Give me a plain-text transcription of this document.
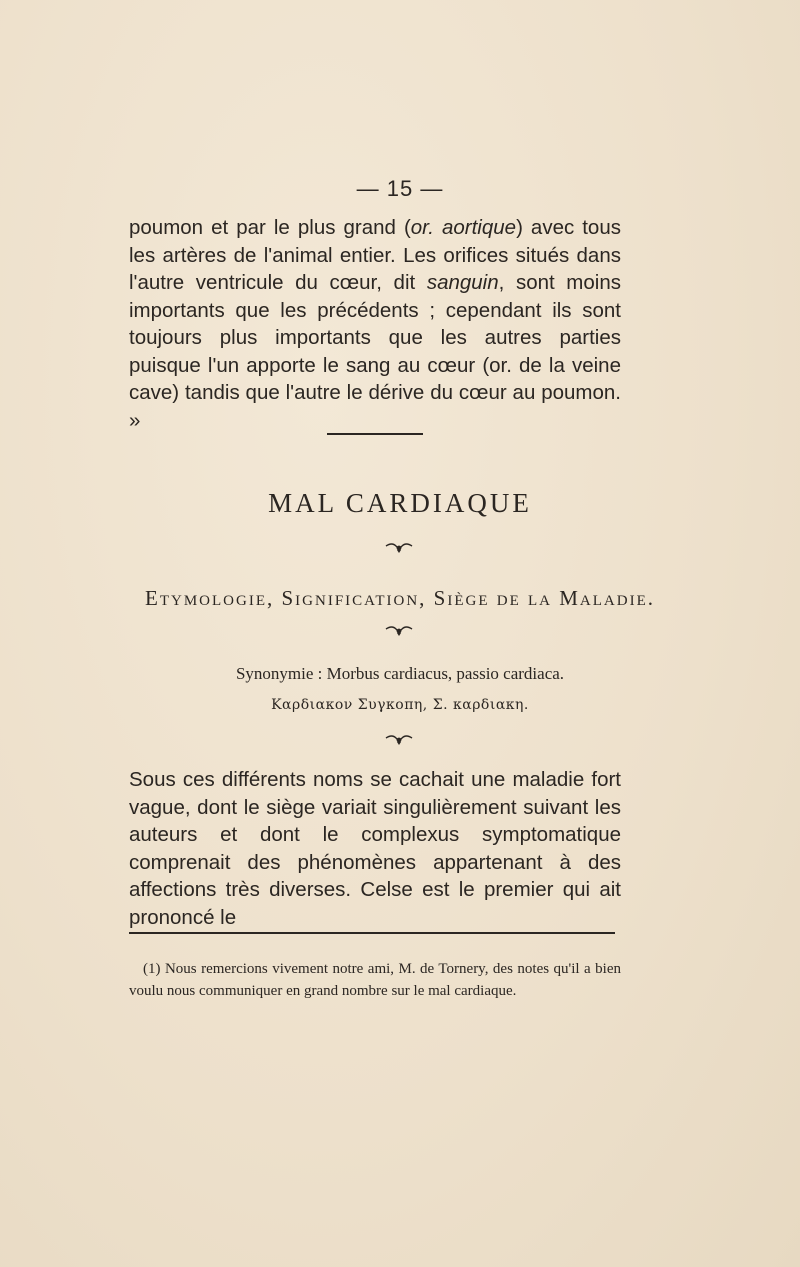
— 15 —

poumon et par le plus grand (or. aortique) avec tous les artères de l'animal entier. Les orifices situés dans l'autre ventricule du cœur, dit sanguin, sont moins importants que les précédents ; cependant ils sont toujours plus importants que les autres parties puisque l'un apporte le sang au cœur (or. de la veine cave) tandis que l'autre le dérive du cœur au poumon. »

MAL CARDIAQUE
Etymologie, Signification, Siège de la Maladie.
Synonymie : Morbus cardiacus, passio cardiaca.
Καρδιακον Συγκοπη, Σ. καρδιακη.

Sous ces différents noms se cachait une maladie fort vague, dont le siège variait singulièrement suivant les auteurs et dont le complexus symptomatique comprenait des phénomènes appartenant à des affections très diverses. Celse est le premier qui ait prononcé le

(1) Nous remercions vivement notre ami, M. de Tornery, des notes qu'il a bien voulu nous communiquer en grand nombre sur le mal cardiaque.
